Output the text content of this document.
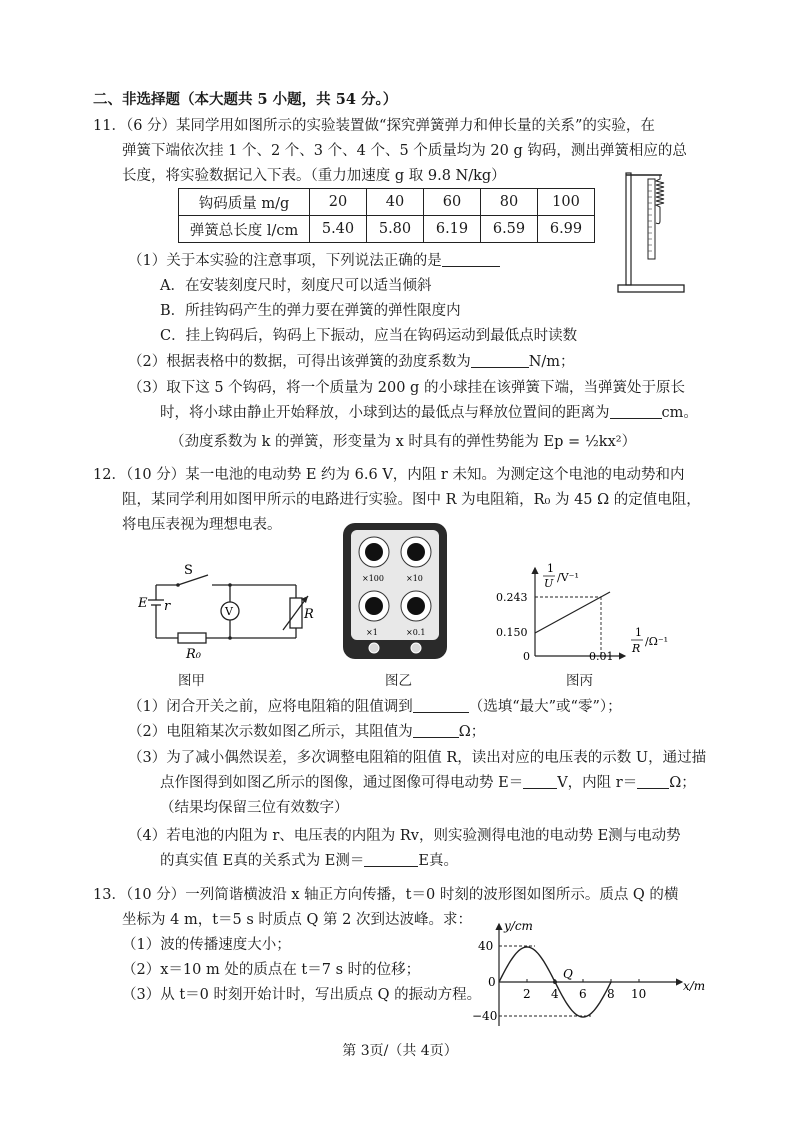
二、非选择题（本大题共 5 小题，共 54 分。）
11．（6 分）某同学用如图所示的实验装置做“探究弹簧弹力和伸长量的关系”的实验，在
弹簧下端依次挂 1 个、2 个、3 个、4 个、5 个质量均为 20 g 钩码，测出弹簧相应的总
长度，将实验数据记入下表。（重力加速度 g 取 9.8 N/kg）
钩码质量 m/g	20	40	60	80	100
弹簧总长度 l/cm	5.40	5.80	6.19	6.59	6.99
（1）关于本实验的注意事项，下列说法正确的是
A．在安装刻度尺时，刻度尺可以适当倾斜
B．所挂钩码产生的弹力要在弹簧的弹性限度内
C．挂上钩码后，钩码上下振动，应当在钩码运动到最低点时读数
（2）根据表格中的数据，可得出该弹簧的劲度系数为	N/m；
（3）取下这 5 个钩码，将一个质量为 200 g 的小球挂在该弹簧下端，当弹簧处于原长
时，将小球由静止开始释放，小球到达的最低点与释放位置间的距离为	cm。
（劲度系数为 k 的弹簧，形变量为 x 时具有的弹性势能为 Ep = ½kx²）
12．（10 分）某一电池的电动势 E 约为 6.6 V，内阻 r 未知。为测定这个电池的电动势和内
阻，某同学利用如图甲所示的电路进行实验。图中 R 为电阻箱，R₀ 为 45 Ω 的定值电阻，
将电压表视为理想电表。
E r
S
V	R
R₀
图甲
×100	×10
×1	×0.1
图乙
1
U /V⁻¹
0.243
0.150
0	0.01
1
R
/Ω⁻¹
图丙
（1）闭合开关之前，应将电阻箱的阻值调到	（选填“最大”或“零”）；
（2）电阻箱某次示数如图乙所示，其阻值为	Ω；
（3）为了减小偶然误差，多次调整电阻箱的阻值 R，读出对应的电压表的示数 U，通过描
点作图得到如图乙所示的图像，通过图像可得电动势 E＝ V，内阻 r＝ Ω；
（结果均保留三位有效数字）
（4）若电池的内阻为 r、电压表的内阻为 Rv，则实验测得电池的电动势 E测与电动势
的真实值 E真的关系式为 E测＝	E真。
13．（10 分）一列简谐横波沿 x 轴正方向传播，t＝0 时刻的波形图如图所示。质点 Q 的横
坐标为 4 m，t＝5 s 时质点 Q 第 2 次到达波峰。求：
（1）波的传播速度大小；
（2）x＝10 m 处的质点在 t＝7 s 时的位移；
（3）从 t＝0 时刻开始计时，写出质点 Q 的振动方程。
y/cm
40
−40
0
Q
2 4 6 8 10
x/m
第 3页/（共 4页）
